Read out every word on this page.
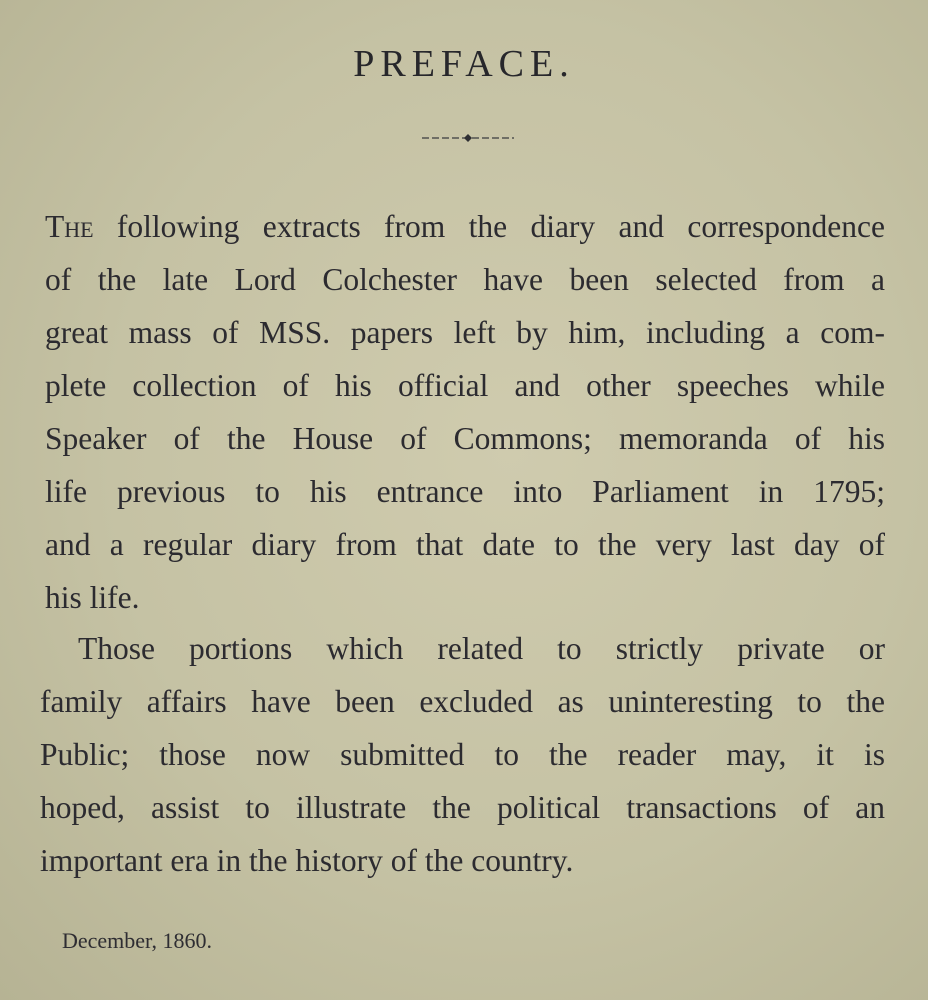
PREFACE.
The following extracts from the diary and correspondence
of the late Lord Colchester have been selected from a
great mass of MSS. papers left by him, including a com-
plete collection of his official and other speeches while
Speaker of the House of Commons; memoranda of his
life previous to his entrance into Parliament in 1795;
and a regular diary from that date to the very last day of
his life.
Those portions which related to strictly private or
family affairs have been excluded as uninteresting to the
Public; those now submitted to the reader may, it is
hoped, assist to illustrate the political transactions of an
important era in the history of the country.
December, 1860.
